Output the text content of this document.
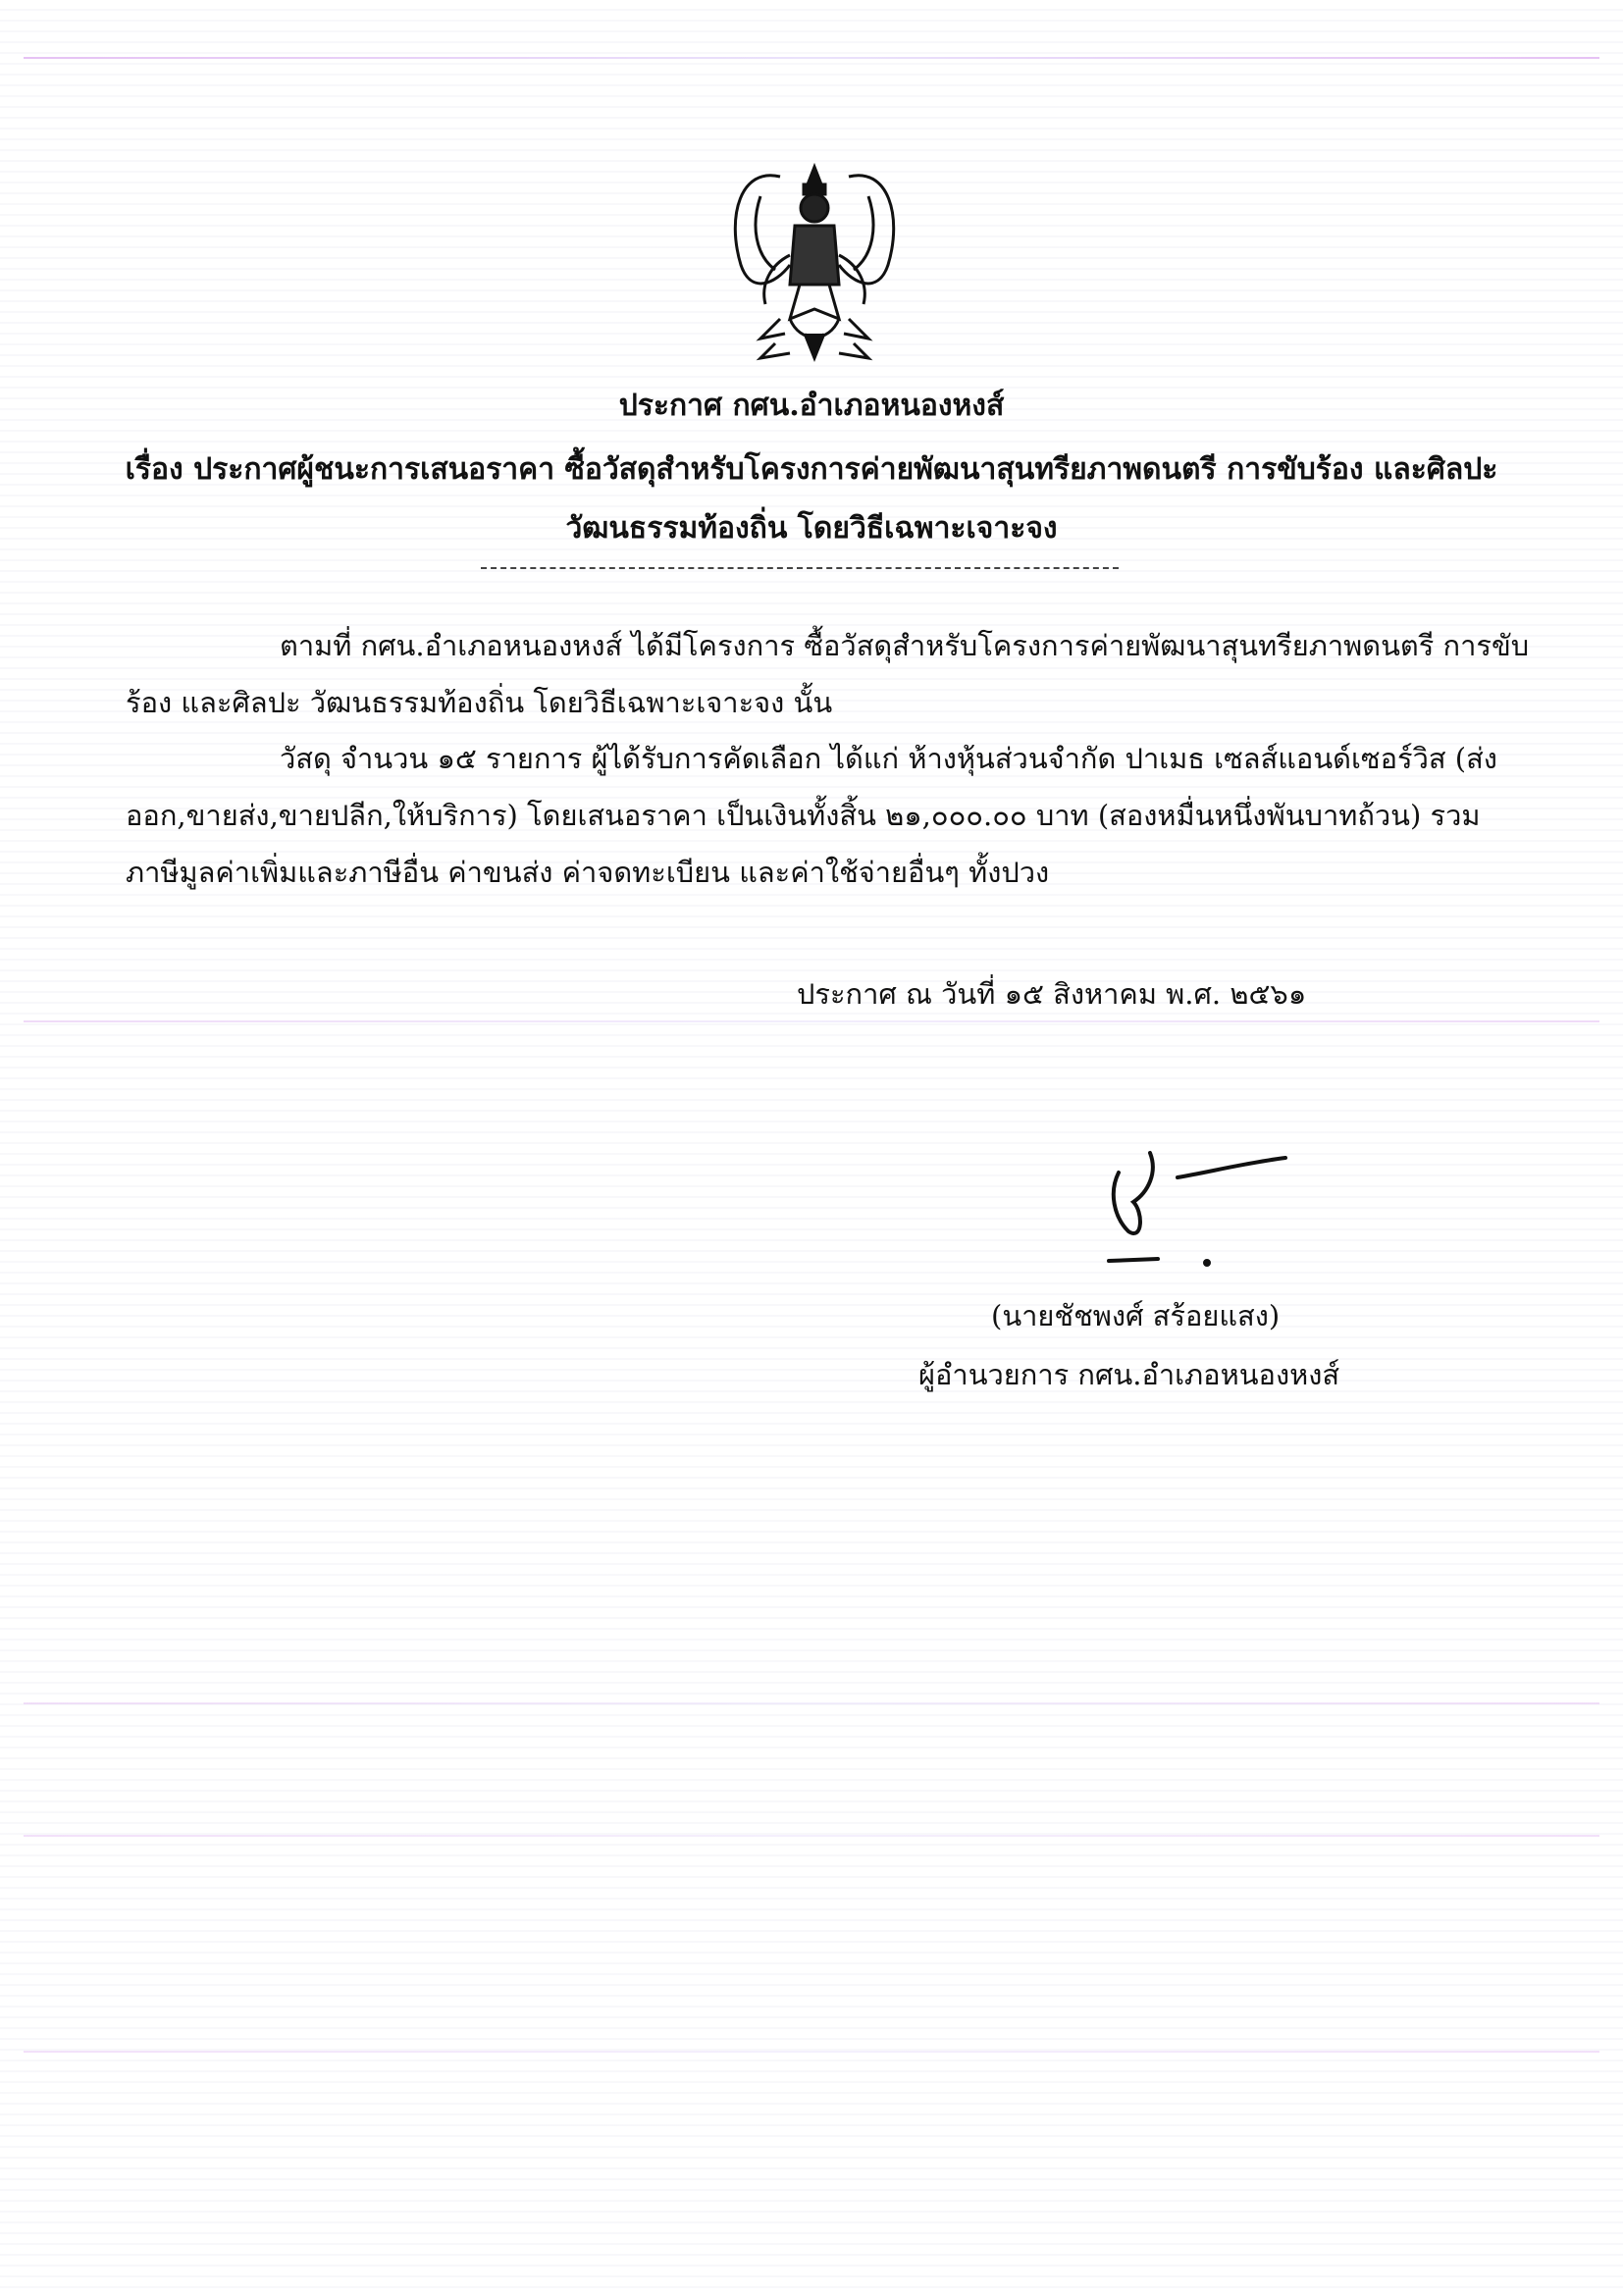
ประกาศ กศน.อำเภอหนองหงส์
เรื่อง ประกาศผู้ชนะการเสนอราคา ซื้อวัสดุสำหรับโครงการค่ายพัฒนาสุนทรียภาพดนตรี การขับร้อง และศิลปะ
วัฒนธรรมท้องถิ่น โดยวิธีเฉพาะเจาะจง
ตามที่ กศน.อำเภอหนองหงส์ ได้มีโครงการ ซื้อวัสดุสำหรับโครงการค่ายพัฒนาสุนทรียภาพดนตรี การขับ
ร้อง และศิลปะ วัฒนธรรมท้องถิ่น โดยวิธีเฉพาะเจาะจง นั้น
วัสดุ จำนวน ๑๕ รายการ ผู้ได้รับการคัดเลือก ได้แก่ ห้างหุ้นส่วนจำกัด ปาเมธ เซลส์แอนด์เซอร์วิส (ส่ง
ออก,ขายส่ง,ขายปลีก,ให้บริการ) โดยเสนอราคา เป็นเงินทั้งสิ้น ๒๑,๐๐๐.๐๐ บาท (สองหมื่นหนึ่งพันบาทถ้วน) รวม
ภาษีมูลค่าเพิ่มและภาษีอื่น ค่าขนส่ง ค่าจดทะเบียน และค่าใช้จ่ายอื่นๆ ทั้งปวง
ประกาศ ณ วันที่ ๑๕ สิงหาคม พ.ศ. ๒๕๖๑
(นายชัชพงศ์ สร้อยแสง)
ผู้อำนวยการ กศน.อำเภอหนองหงส์
